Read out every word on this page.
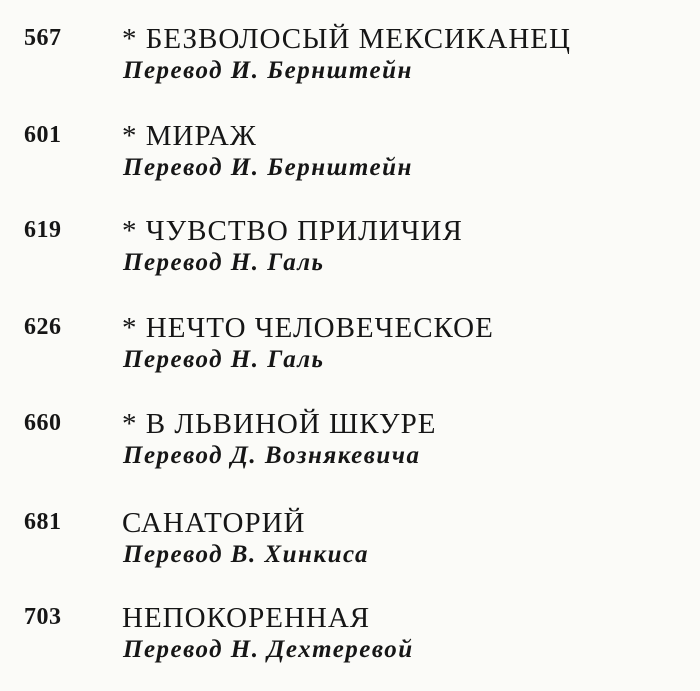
567 * БЕЗВОЛОСЫЙ МЕКСИКАНЕЦ
Перевод И. Бернштейн
601 * МИРАЖ
Перевод И. Бернштейн
619 * ЧУВСТВО ПРИЛИЧИЯ
Перевод Н. Галь
626 * НЕЧТО ЧЕЛОВЕЧЕСКОЕ
Перевод Н. Галь
660 * В ЛЬВИНОЙ ШКУРЕ
Перевод Д. Вознякевича
681 САНАТОРИЙ
Перевод В. Хинкиса
703 НЕПОКОРЕННАЯ
Перевод Н. Дехтеревой
